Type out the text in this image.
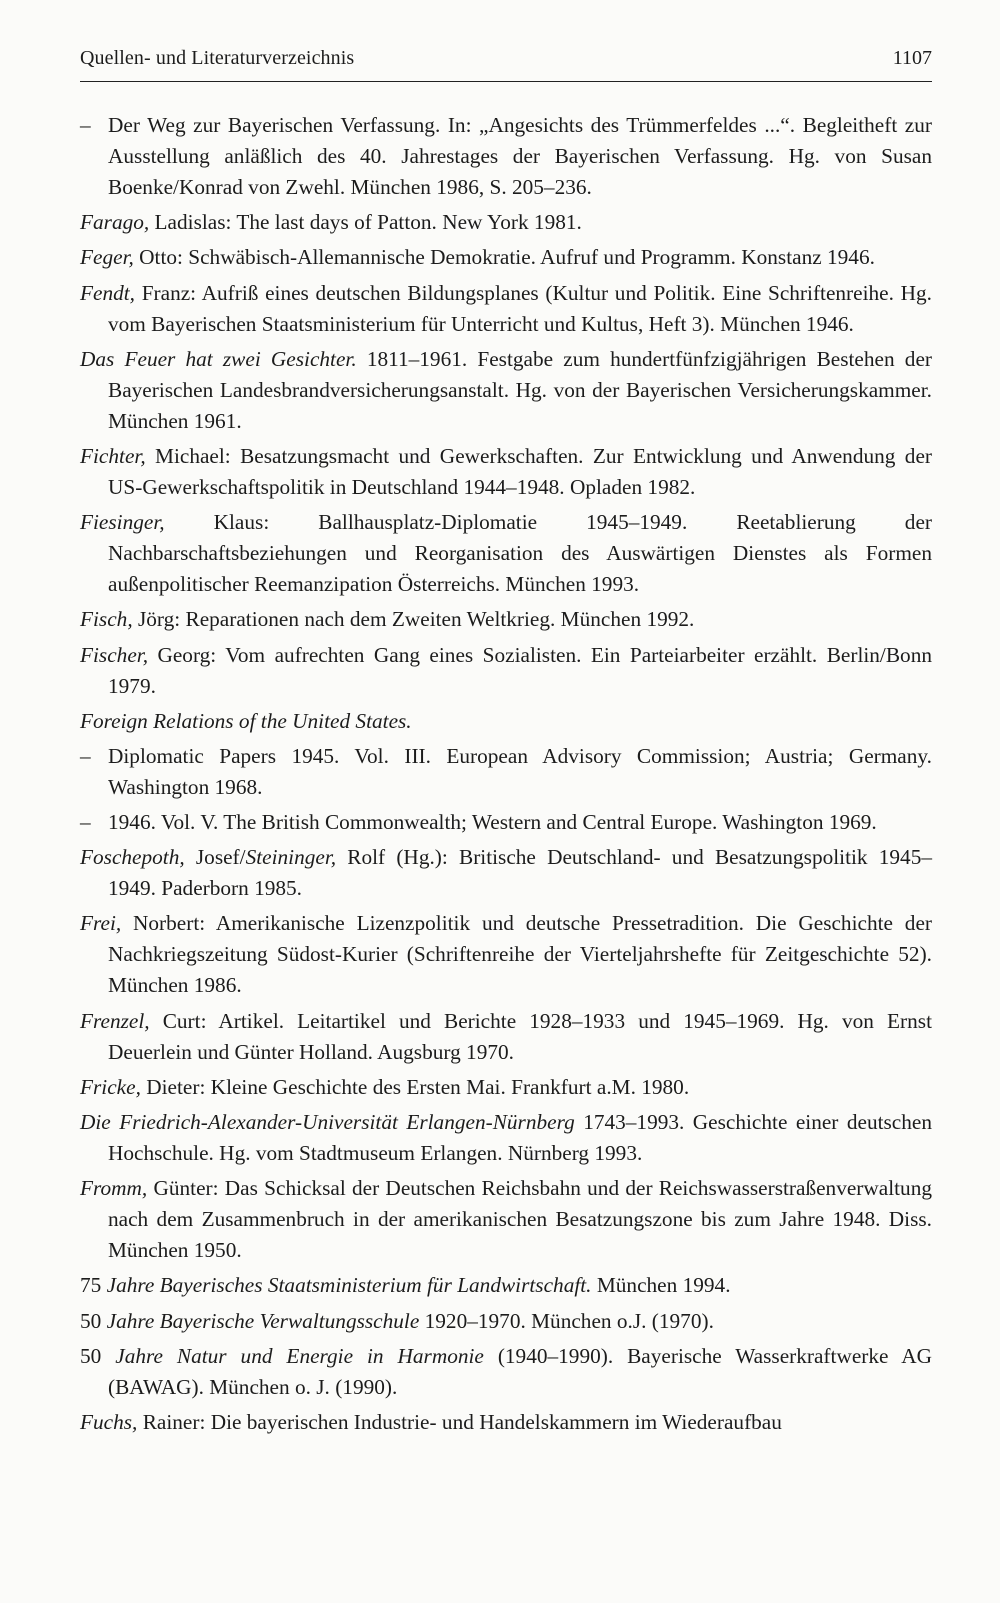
Quellen- und Literaturverzeichnis	1107

– Der Weg zur Bayerischen Verfassung. In: „Angesichts des Trümmerfeldes ...“. Begleitheft zur Ausstellung anläßlich des 40. Jahrestages der Bayerischen Verfassung. Hg. von Susan Boenke/Konrad von Zwehl. München 1986, S. 205–236.

Farago, Ladislas: The last days of Patton. New York 1981.

Feger, Otto: Schwäbisch-Allemannische Demokratie. Aufruf und Programm. Konstanz 1946.

Fendt, Franz: Aufriß eines deutschen Bildungsplanes (Kultur und Politik. Eine Schriftenreihe. Hg. vom Bayerischen Staatsministerium für Unterricht und Kultus, Heft 3). München 1946.

Das Feuer hat zwei Gesichter. 1811–1961. Festgabe zum hundertfünfzigjährigen Bestehen der Bayerischen Landesbrandversicherungsanstalt. Hg. von der Bayerischen Versicherungskammer. München 1961.

Fichter, Michael: Besatzungsmacht und Gewerkschaften. Zur Entwicklung und Anwendung der US-Gewerkschaftspolitik in Deutschland 1944–1948. Opladen 1982.

Fiesinger, Klaus: Ballhausplatz-Diplomatie 1945–1949. Reetablierung der Nachbarschaftsbeziehungen und Reorganisation des Auswärtigen Dienstes als Formen außenpolitischer Reemanzipation Österreichs. München 1993.

Fisch, Jörg: Reparationen nach dem Zweiten Weltkrieg. München 1992.

Fischer, Georg: Vom aufrechten Gang eines Sozialisten. Ein Parteiarbeiter erzählt. Berlin/Bonn 1979.

Foreign Relations of the United States.

– Diplomatic Papers 1945. Vol. III. European Advisory Commission; Austria; Germany. Washington 1968.

– 1946. Vol. V. The British Commonwealth; Western and Central Europe. Washington 1969.

Foschepoth, Josef/Steininger, Rolf (Hg.): Britische Deutschland- und Besatzungspolitik 1945–1949. Paderborn 1985.

Frei, Norbert: Amerikanische Lizenzpolitik und deutsche Pressetradition. Die Geschichte der Nachkriegszeitung Südost-Kurier (Schriftenreihe der Vierteljahrshefte für Zeitgeschichte 52). München 1986.

Frenzel, Curt: Artikel. Leitartikel und Berichte 1928–1933 und 1945–1969. Hg. von Ernst Deuerlein und Günter Holland. Augsburg 1970.

Fricke, Dieter: Kleine Geschichte des Ersten Mai. Frankfurt a.M. 1980.

Die Friedrich-Alexander-Universität Erlangen-Nürnberg 1743–1993. Geschichte einer deutschen Hochschule. Hg. vom Stadtmuseum Erlangen. Nürnberg 1993.

Fromm, Günter: Das Schicksal der Deutschen Reichsbahn und der Reichswasserstraßenverwaltung nach dem Zusammenbruch in der amerikanischen Besatzungszone bis zum Jahre 1948. Diss. München 1950.

75 Jahre Bayerisches Staatsministerium für Landwirtschaft. München 1994.

50 Jahre Bayerische Verwaltungsschule 1920–1970. München o.J. (1970).

50 Jahre Natur und Energie in Harmonie (1940–1990). Bayerische Wasserkraftwerke AG (BAWAG). München o. J. (1990).

Fuchs, Rainer: Die bayerischen Industrie- und Handelskammern im Wiederaufbau
